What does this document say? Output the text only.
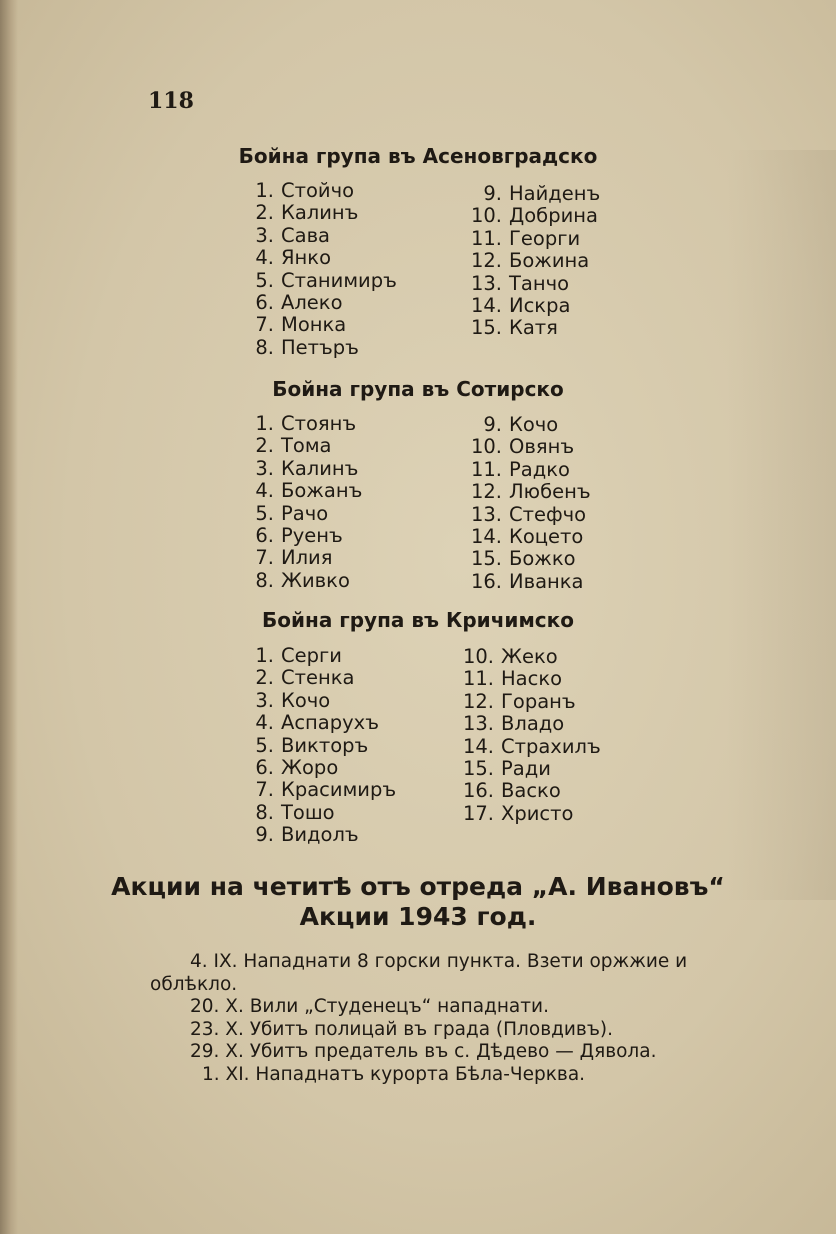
118
Бойна група въ Асеновградско
1. Стойчо
2. Калинъ
3. Сава
4. Янко
5. Станимиръ
6. Алеко
7. Монка
8. Петъръ
9. Найденъ
10. Добрина
11. Георги
12. Божина
13. Танчо
14. Искра
15. Катя
Бойна група въ Сотирско
1. Стоянъ
2. Тома
3. Калинъ
4. Божанъ
5. Рачо
6. Руенъ
7. Илия
8. Живко
9. Кочо
10. Овянъ
11. Радко
12. Любенъ
13. Стефчо
14. Коцето
15. Божко
16. Иванка
Бойна група въ Кричимско
1. Серги
2. Стенка
3. Кочо
4. Аспарухъ
5. Викторъ
6. Жоро
7. Красимиръ
8. Тошо
9. Видолъ
10. Жеко
11. Наско
12. Горанъ
13. Владо
14. Страхилъ
15. Ради
16. Васко
17. Христо
Акции на четитѣ отъ отреда „А. Ивановъ“
Акции 1943 год.
4. IX. Нападнати 8 горски пункта. Взети оржжие и
облѣкло.
20. X. Вили „Студенецъ“ нападнати.
23. X. Убитъ полицай въ града (Пловдивъ).
29. X. Убитъ предатель въ с. Дѣдево — Дявола.
1. XI. Нападнатъ курорта Бѣла-Черква.
